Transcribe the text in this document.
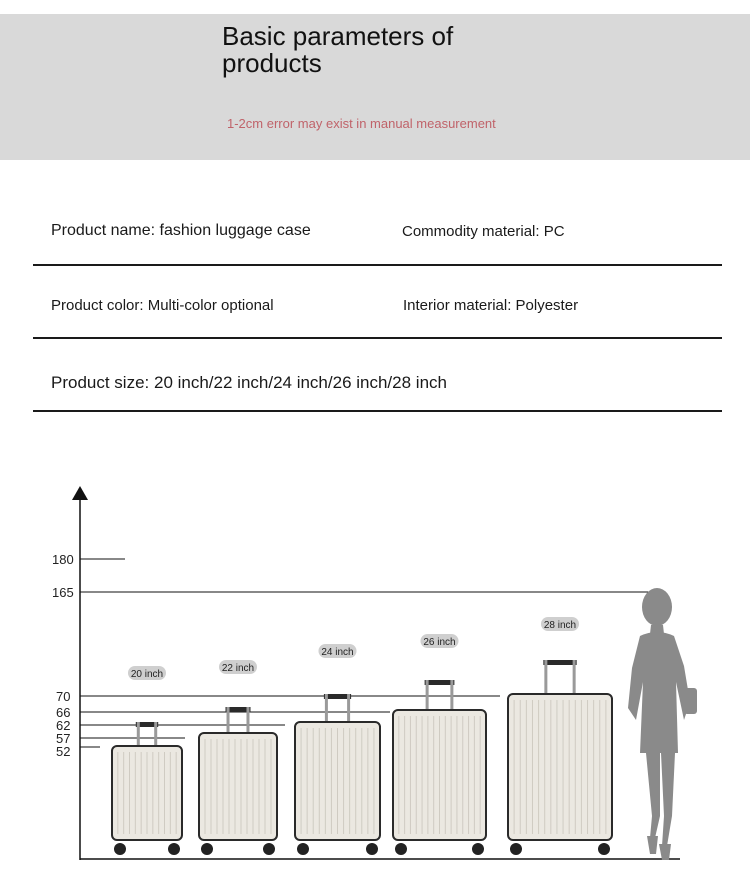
Basic parameters of
products
1-2cm error may exist in manual measurement
Product name: fashion luggage case	Commodity material: PC
Product color: Multi-color optional	Interior material: Polyester
Product size: 20 inch/22 inch/24 inch/26 inch/28 inch
180
165
70
66
62
57
52
20 inch
22 inch
24 inch
26 inch
28 inch
